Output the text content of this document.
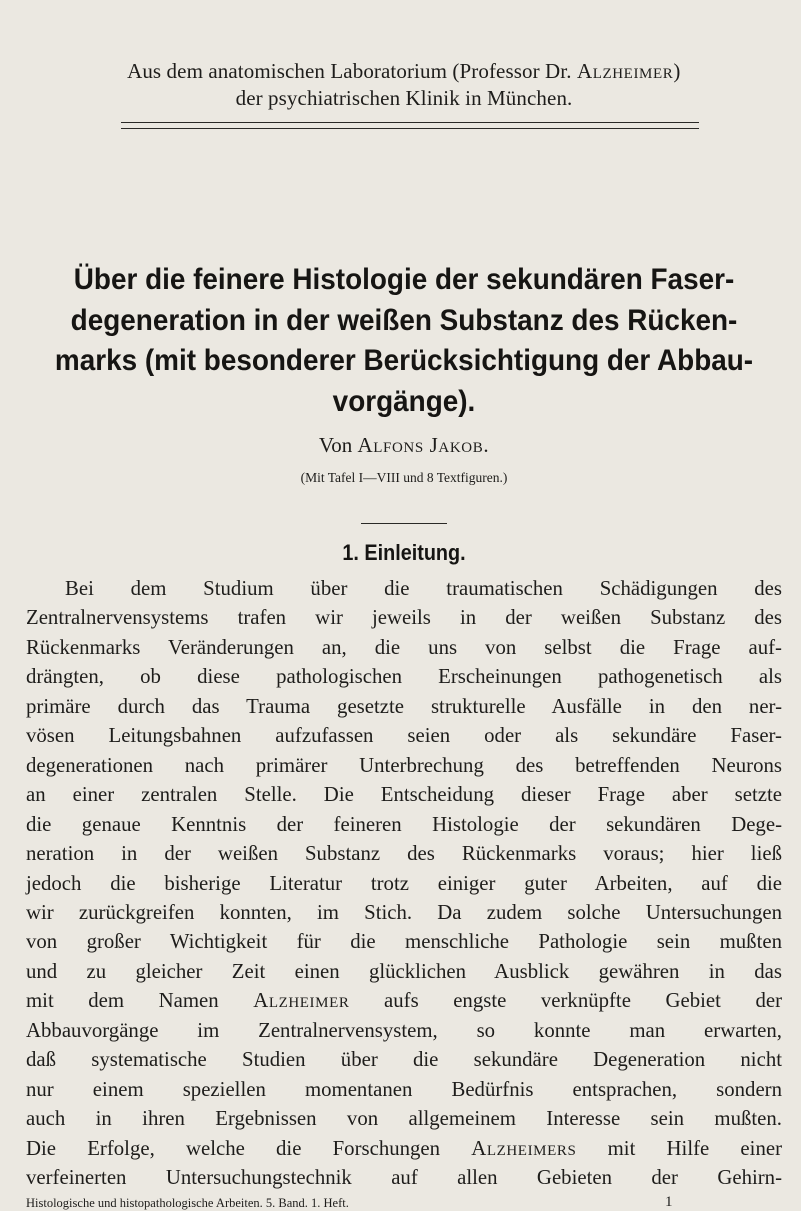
Aus dem anatomischen Laboratorium (Professor Dr. Alzheimer)
der psychiatrischen Klinik in München.
Über die feinere Histologie der sekundären Faser-
degeneration in der weißen Substanz des Rücken-
marks (mit besonderer Berücksichtigung der Abbau-
vorgänge).
Von Alfons Jakob.
(Mit Tafel I—VIII und 8 Textfiguren.)
1. Einleitung.
Bei dem Studium über die traumatischen Schädigungen des
Zentralnervensystems trafen wir jeweils in der weißen Substanz des
Rückenmarks Veränderungen an, die uns von selbst die Frage auf-
drängten, ob diese pathologischen Erscheinungen pathogenetisch als
primäre durch das Trauma gesetzte strukturelle Ausfälle in den ner-
vösen Leitungsbahnen aufzufassen seien oder als sekundäre Faser-
degenerationen nach primärer Unterbrechung des betreffenden Neurons
an einer zentralen Stelle. Die Entscheidung dieser Frage aber setzte
die genaue Kenntnis der feineren Histologie der sekundären Dege-
neration in der weißen Substanz des Rückenmarks voraus; hier ließ
jedoch die bisherige Literatur trotz einiger guter Arbeiten, auf die
wir zurückgreifen konnten, im Stich. Da zudem solche Untersuchungen
von großer Wichtigkeit für die menschliche Pathologie sein mußten
und zu gleicher Zeit einen glücklichen Ausblick gewähren in das
mit dem Namen Alzheimer aufs engste verknüpfte Gebiet der
Abbauvorgänge im Zentralnervensystem, so konnte man erwarten,
daß systematische Studien über die sekundäre Degeneration nicht
nur einem speziellen momentanen Bedürfnis entsprachen, sondern
auch in ihren Ergebnissen von allgemeinem Interesse sein mußten.
Die Erfolge, welche die Forschungen Alzheimers mit Hilfe einer
verfeinerten Untersuchungstechnik auf allen Gebieten der Gehirn-
Histologische und histopathologische Arbeiten. 5. Band. 1. Heft.	1
